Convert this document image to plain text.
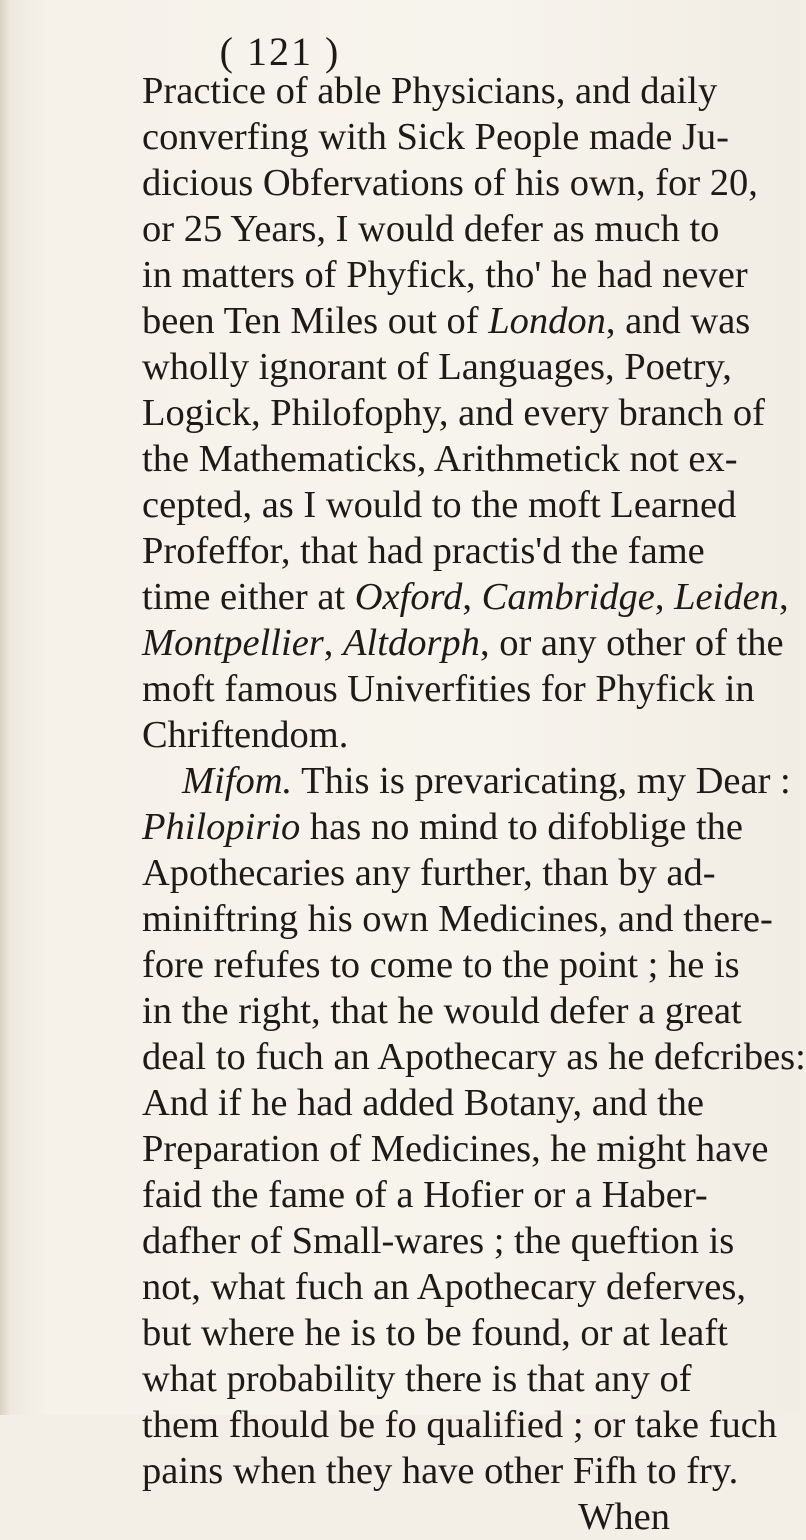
( 121 )
Practice of able Physicians, and daily
converfing with Sick People made Ju-
dicious Obfervations of his own, for 20,
or 25 Years, I would defer as much to
in matters of Phyfick, tho' he had never
been Ten Miles out of London, and was
wholly ignorant of Languages, Poetry,
Logick, Philofophy, and every branch of
the Mathematicks, Arithmetick not ex-
cepted, as I would to the moft Learned
Profeffor, that had practis'd the fame
time either at Oxford, Cambridge, Leiden,
Montpellier, Altdorph, or any other of the
moft famous Univerfities for Phyfick in
Chriftendom.
Mifom. This is prevaricating, my Dear :
Philopirio has no mind to difoblige the
Apothecaries any further, than by ad-
miniftring his own Medicines, and there-
fore refufes to come to the point ; he is
in the right, that he would defer a great
deal to fuch an Apothecary as he defcribes:
And if he had added Botany, and the
Preparation of Medicines, he might have
faid the fame of a Hofier or a Haber-
dafher of Small-wares ; the queftion is
not, what fuch an Apothecary deferves,
but where he is to be found, or at leaft
what probability there is that any of
them fhould be fo qualified ; or take fuch
pains when they have other Fifh to fry.
When
